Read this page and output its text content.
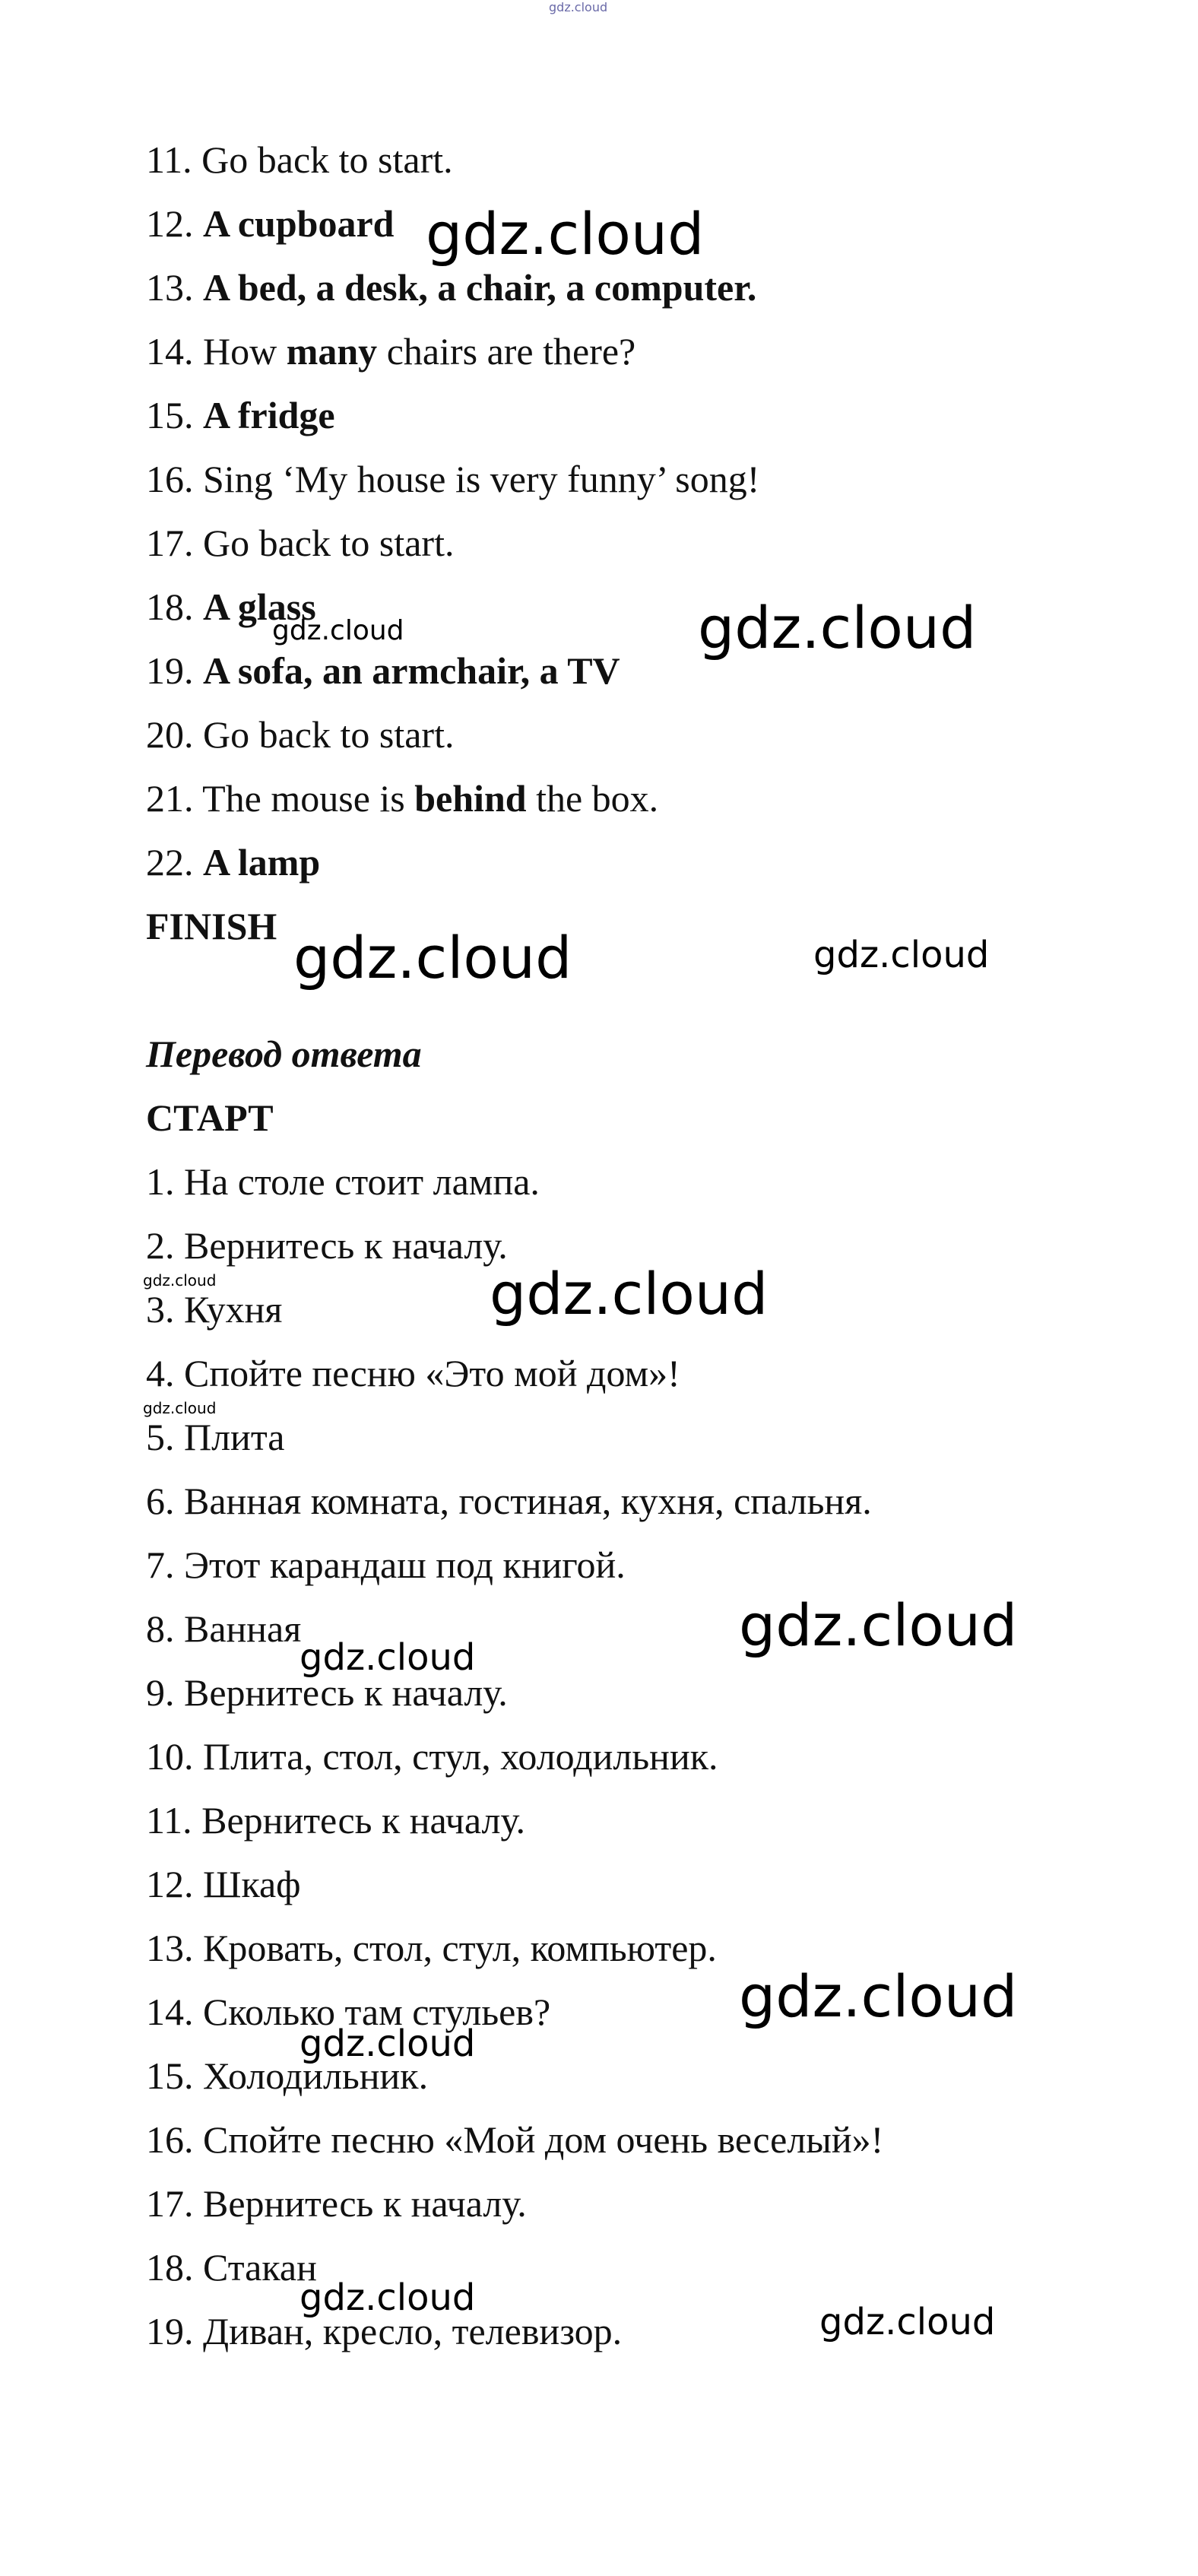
gdz.cloud
11. Go back to start.
12. A cupboard
13. A bed, a desk, a chair, a computer.
14. How many chairs are there?
15. A fridge
16. Sing ‘My house is very funny’ song!
17. Go back to start.
18. A glass
19. A sofa, an armchair, a TV
20. Go back to start.
21. The mouse is behind the box.
22. A lamp
FINISH
Перевод ответа
СТАРТ
1. На столе стоит лампа.
2. Вернитесь к началу.
3. Кухня
4. Спойте песню «Это мой дом»!
5. Плита
6. Ванная комната, гостиная, кухня, спальня.
7. Этот карандаш под книгой.
8. Ванная
9. Вернитесь к началу.
10. Плита, стол, стул, холодильник.
11. Вернитесь к началу.
12. Шкаф
13. Кровать, стол, стул, компьютер.
14. Сколько там стульев?
15. Холодильник.
16. Спойте песню «Мой дом очень веселый»!
17. Вернитесь к началу.
18. Стакан
19. Диван, кресло, телевизор.
gdz.cloud
gdz.cloud	gdz.cloud
gdz.cloud	gdz.cloud
gdz.cloud	gdz.cloud
gdz.cloud
gdz.cloud
gdz.cloud
gdz.cloud
gdz.cloud
gdz.cloud
gdz.cloud
